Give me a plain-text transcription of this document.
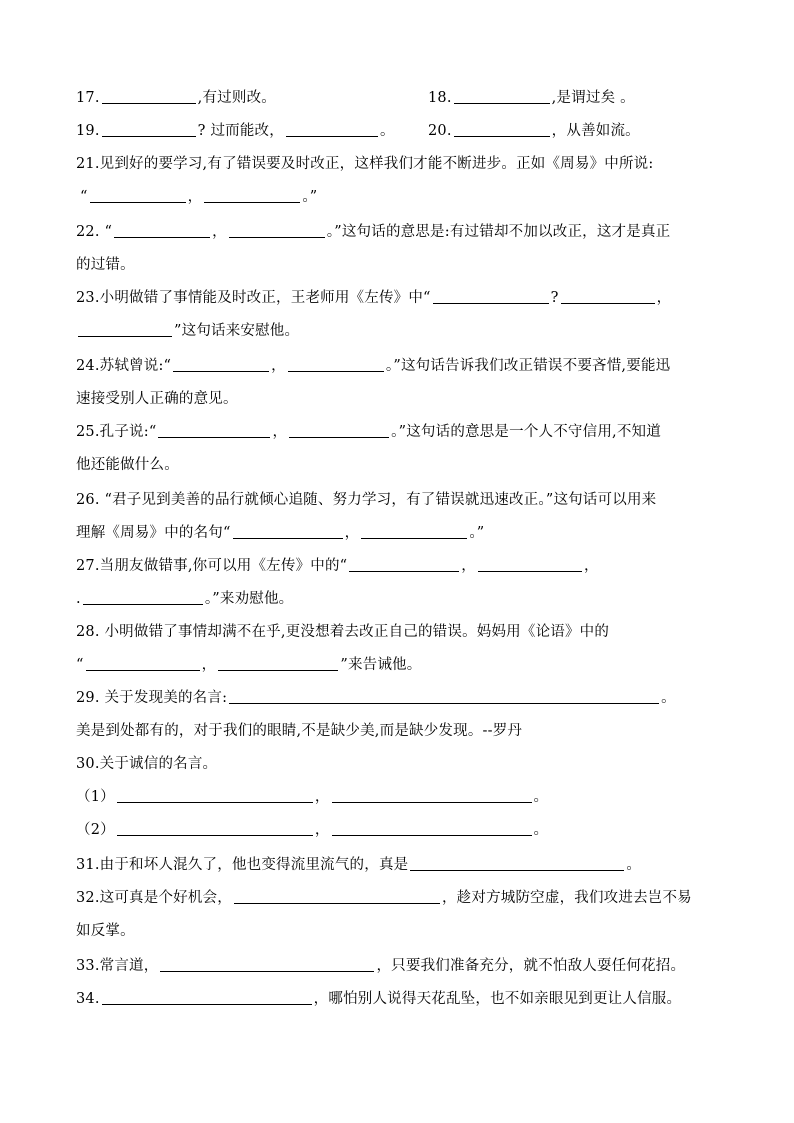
17.	,有过则改。	18.	,是谓过矣 。
19.	? 过而能改，	。 20.	，从善如流。
21.见到好的要学习,有了错误要及时改正，这样我们才能不断进步。正如《周易》中所说:
“	，	。”
22. “	，	。”这句话的意思是:有过错却不加以改正，这才是真正
的过错。
23.小明做错了事情能及时改正，王老师用《左传》中“	?	，
”这句话来安慰他。
24.苏轼曾说:“	，	。”这句话告诉我们改正错误不要吝惜,要能迅
速接受别人正确的意见。
25.孔子说:“	，	。”这句话的意思是一个人不守信用,不知道
他还能做什么。
26. “君子见到美善的品行就倾心追随、努力学习，有了错误就迅速改正。”这句话可以用来
理解《周易》中的名句“	，	。”
27.当朋友做错事,你可以用《左传》中的“	，	，
.	。”来劝慰他。
28. 小明做错了事情却满不在乎,更没想着去改正自己的错误。妈妈用《论语》中的
“	，	”来告诫他。
29. 关于发现美的名言:	。
美是到处都有的，对于我们的眼睛,不是缺少美,而是缺少发现。--罗丹
30.关于诚信的名言。
（1）	，	。
（2）	，	。
31.由于和坏人混久了，他也变得流里流气的，真是	。
32.这可真是个好机会，	，趁对方城防空虚，我们攻进去岂不易
如反掌。
33.常言道，	，只要我们准备充分，就不怕敌人耍任何花招。
34.	，哪怕别人说得天花乱坠，也不如亲眼见到更让人信服。
